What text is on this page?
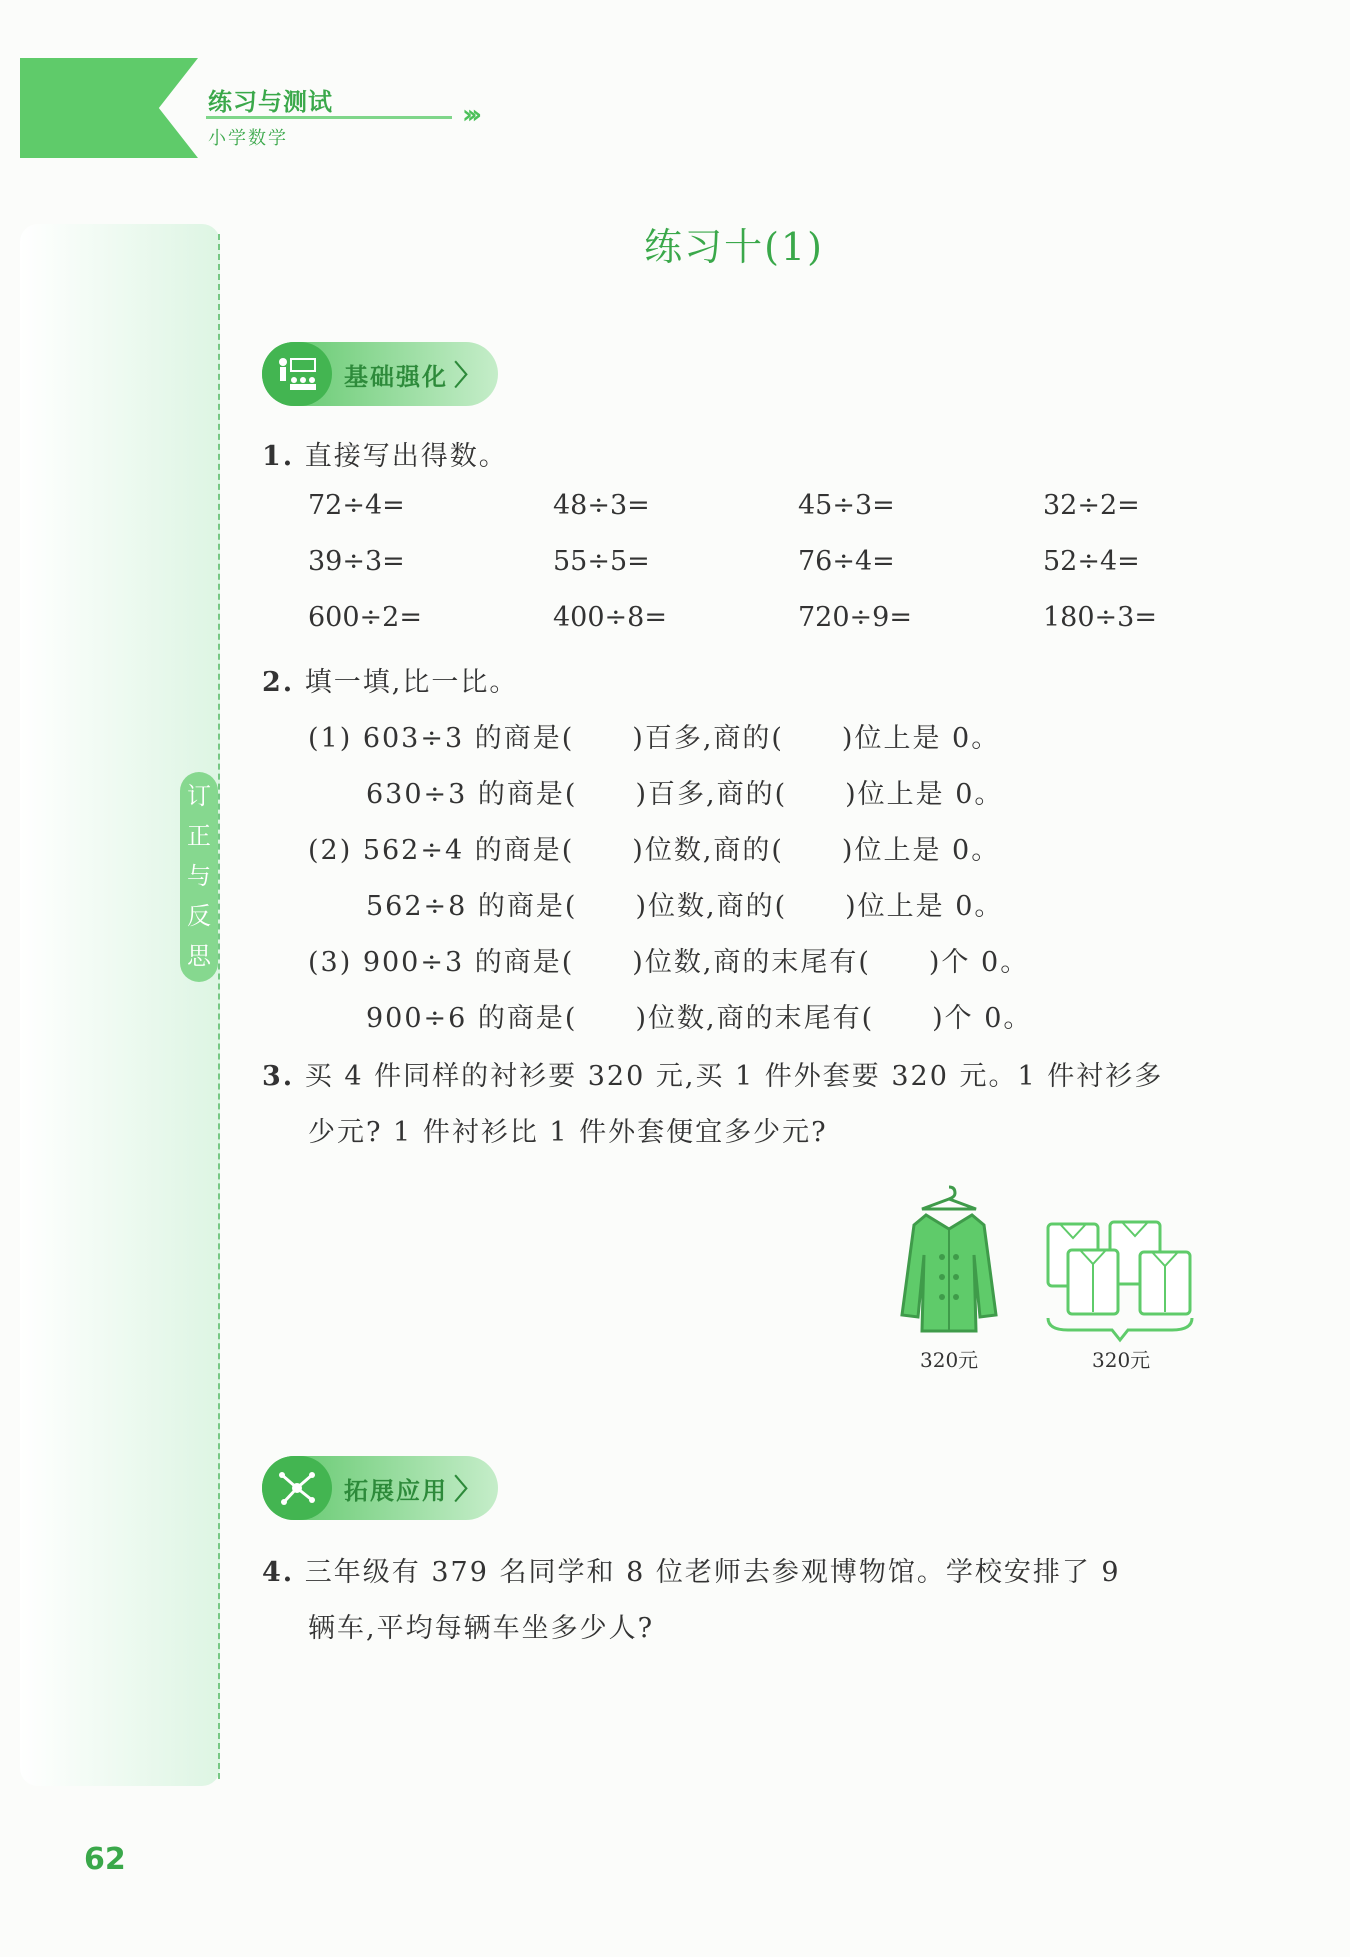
练习与测试
小学数学
›››
订
正
与
反
思
练习十(1)
基础强化 〉
1. 直接写出得数。
72÷4=	48÷3=	45÷3=	32÷2=
39÷3=	55÷5=	76÷4=	52÷4=
600÷2=	400÷8=	720÷9=	180÷3=
2. 填一填,比一比。
(1) 603÷3 的商是(　　)百多,商的(　　)位上是 0。
　　630÷3 的商是(　　)百多,商的(　　)位上是 0。
(2) 562÷4 的商是(　　)位数,商的(　　)位上是 0。
　　562÷8 的商是(　　)位数,商的(　　)位上是 0。
(3) 900÷3 的商是(　　)位数,商的末尾有(　　)个 0。
　　900÷6 的商是(　　)位数,商的末尾有(　　)个 0。
3. 买 4 件同样的衬衫要 320 元,买 1 件外套要 320 元。1 件衬衫多
少元? 1 件衬衫比 1 件外套便宜多少元?
320元	320元
拓展应用 〉
4. 三年级有 379 名同学和 8 位老师去参观博物馆。学校安排了 9
辆车,平均每辆车坐多少人?
62
